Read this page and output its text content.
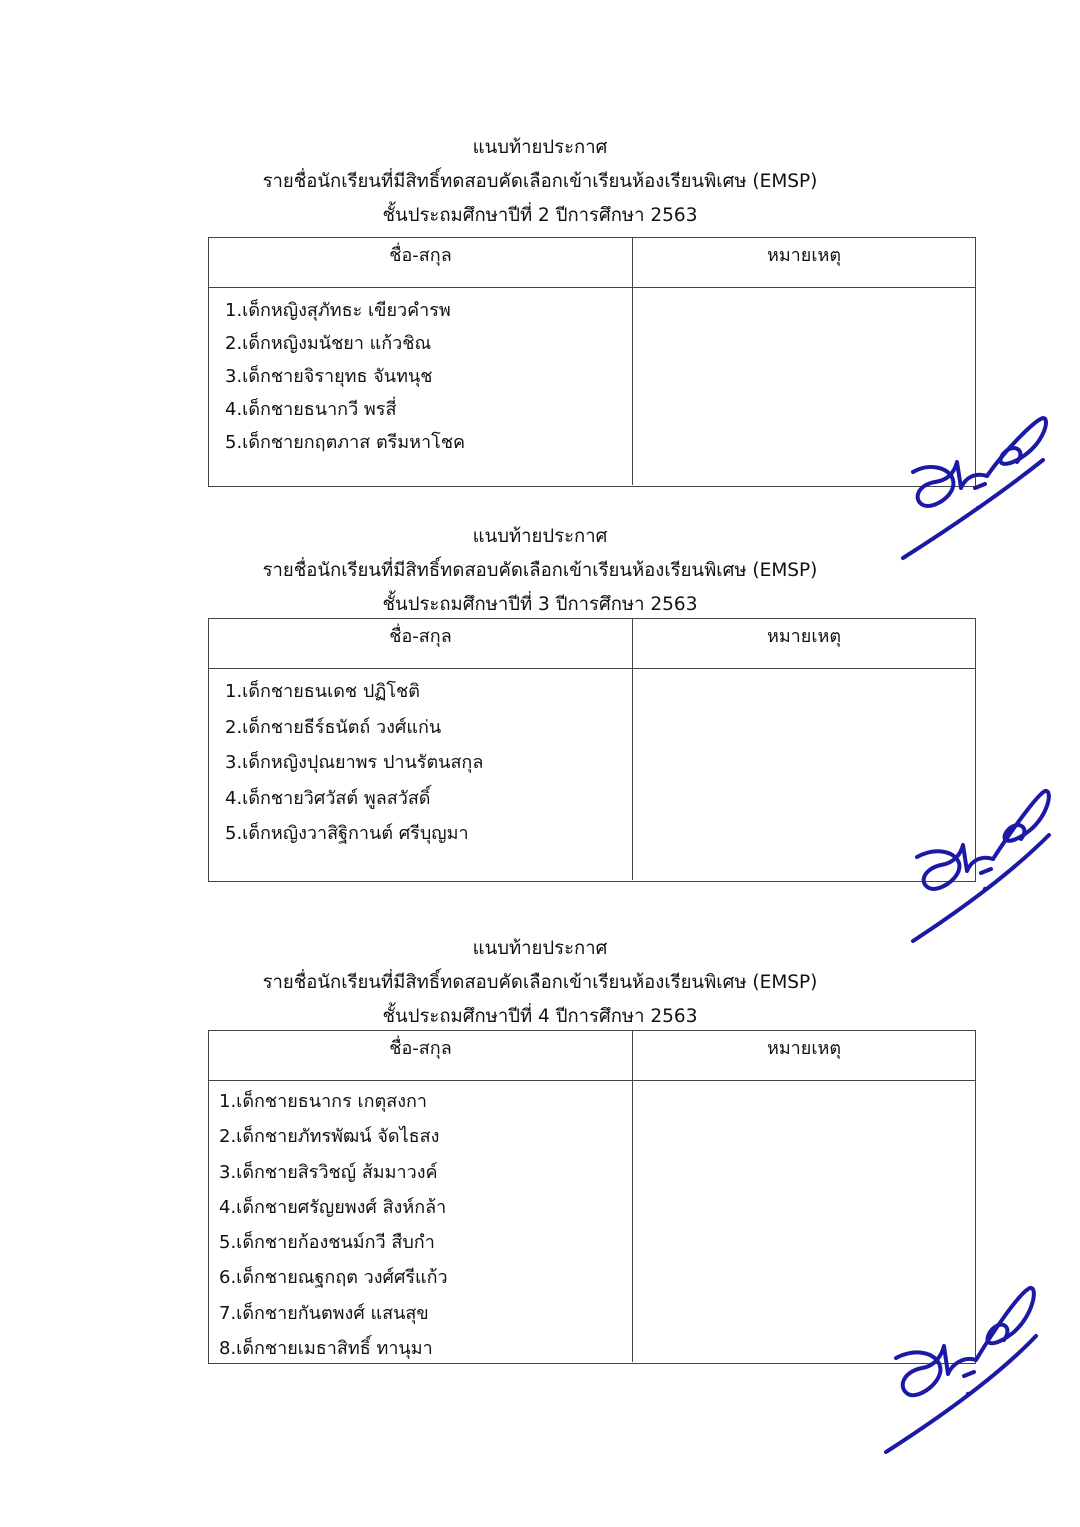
แนบท้ายประกาศ
รายชื่อนักเรียนที่มีสิทธิ์ทดสอบคัดเลือกเข้าเรียนห้องเรียนพิเศษ (EMSP)
ชั้นประถมศึกษาปีที่ 2 ปีการศึกษา 2563
ชื่อ-สกุล	หมายเหตุ
1.เด็กหญิงสุภัทธะ เขียวคำรพ
2.เด็กหญิงมนัชยา แก้วชิณ
3.เด็กชายจิรายุทธ จันทนุช
4.เด็กชายธนากวี พรสี่
5.เด็กชายกฤตภาส ตรีมหาโชค
แนบท้ายประกาศ
รายชื่อนักเรียนที่มีสิทธิ์ทดสอบคัดเลือกเข้าเรียนห้องเรียนพิเศษ (EMSP)
ชั้นประถมศึกษาปีที่ 3 ปีการศึกษา 2563
ชื่อ-สกุล	หมายเหตุ
1.เด็กชายธนเดช ปฏิโชติ
2.เด็กชายธีร์ธนัตถ์ วงศ์แก่น
3.เด็กหญิงปุณยาพร ปานรัตนสกุล
4.เด็กชายวิศวัสต์ พูลสวัสดิ์
5.เด็กหญิงวาสิฐิกานต์ ศรีบุญมา
แนบท้ายประกาศ
รายชื่อนักเรียนที่มีสิทธิ์ทดสอบคัดเลือกเข้าเรียนห้องเรียนพิเศษ (EMSP)
ชั้นประถมศึกษาปีที่ 4 ปีการศึกษา 2563
ชื่อ-สกุล	หมายเหตุ
1.เด็กชายธนากร เกตุสงกา
2.เด็กชายภัทรพัฒน์ จัดไธสง
3.เด็กชายสิรวิชญ์ ส้มมาวงค์
4.เด็กชายศรัญยพงศ์ สิงห์กล้า
5.เด็กชายก้องชนม์กวี สืบกำ
6.เด็กชายณฐกฤต วงศ์ศรีแก้ว
7.เด็กชายกันตพงศ์ แสนสุข
8.เด็กชายเมธาสิทธิ์ ทานุมา
